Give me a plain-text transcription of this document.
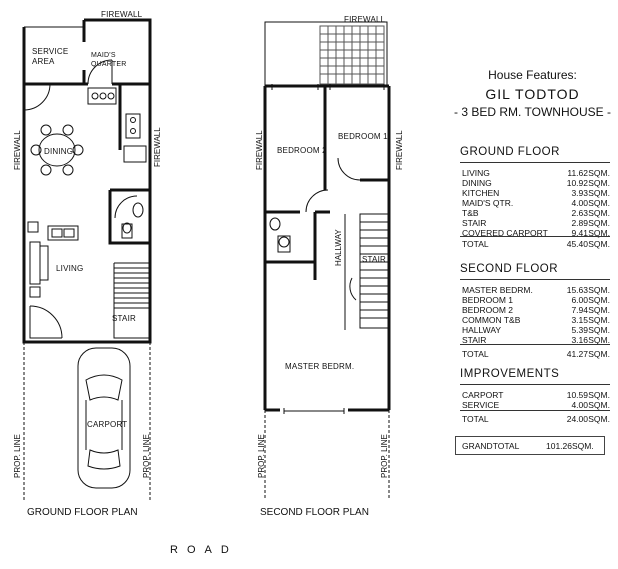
FIREWALL
SERVICE
AREA
MAID'S
QUARTER
FIREWALL	FIREWALL
DINING
LIVING
STAIR
CARPORT
PROP. LINE	PROP. LINE
FIREWALL
FIREWALL	FIREWALL
BEDROOM 2
BEDROOM 1
HALLWAY STAIR
MASTER BEDRM.
PROP. LINE	PROP. LINE
GROUND FLOOR PLAN	SECOND FLOOR PLAN
ROAD

House Features:

GIL TODTOD

- 3 BED RM. TOWNHOUSE -

GROUND FLOOR
LIVING	11.62 SQM.
DINING	10.92 SQM.
KITCHEN	3.93 SQM.
MAID'S QTR.	4.00 SQM.
T&B	2.63 SQM.
STAIR	2.89 SQM.
COVERED CARPORT	9.41 SQM.
TOTAL	45.40 SQM.
SECOND FLOOR
MASTER BEDRM.	15.63 SQM.
BEDROOM 1	6.00 SQM.
BEDROOM 2	7.94 SQM.
COMMON T&B	3.15 SQM.
HALLWAY	5.39 SQM.
STAIR	3.16 SQM.
TOTAL	41.27 SQM.
IMPROVEMENTS
CARPORT	10.59 SQM.
SERVICE	4.00 SQM.
TOTAL	24.00 SQM.
GRANDTOTAL	101.26 SQM.
